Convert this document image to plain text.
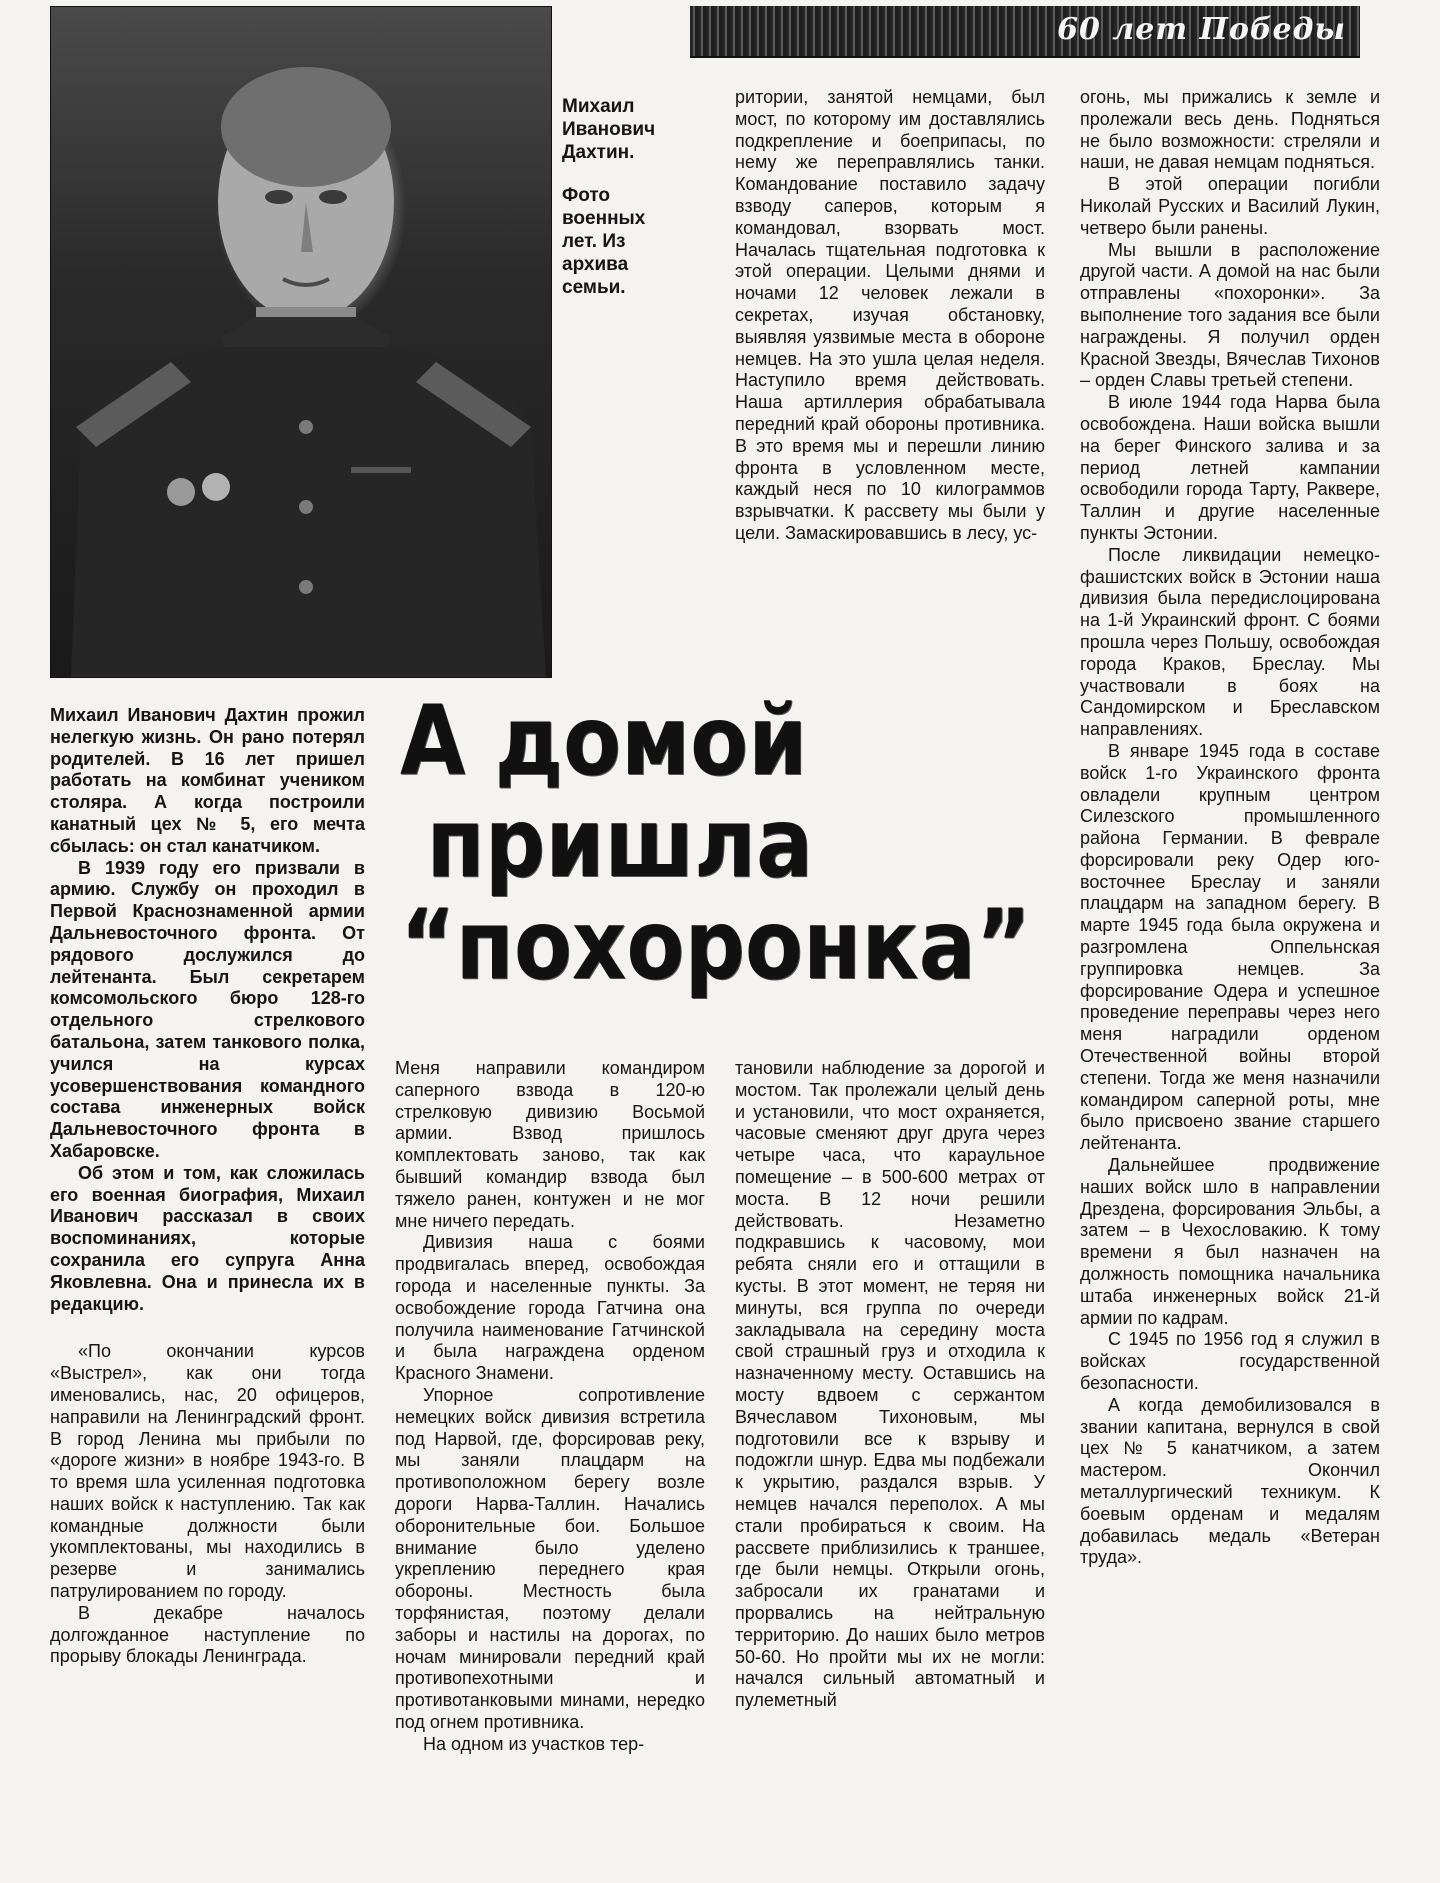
60 лет Победы

Михаил Иванович Дахтин.

Фото военных лет. Из архива семьи.

ритории, занятой немцами, был мост, по которому им доставлялись подкрепление и боеприпасы, по нему же переправлялись танки. Командование поставило задачу взводу саперов, которым я командовал, взорвать мост. Началась тщательная подготовка к этой операции. Целыми днями и ночами 12 человек лежали в секретах, изучая обстановку, выявляя уязвимые места в обороне немцев. На это ушла целая неделя. Наступило время действовать. Наша артиллерия обрабатывала передний край обороны противника. В это время мы и перешли линию фронта в условленном месте, каждый неся по 10 килограммов взрывчатки. К рассвету мы были у цели. Замаскировавшись в лесу, ус-

огонь, мы прижались к земле и пролежали весь день. Подняться не было возможности: стреляли и наши, не давая немцам подняться.

В этой операции погибли Николай Русских и Василий Лукин, четверо были ранены.

Мы вышли в расположение другой части. А домой на нас были отправлены «похоронки». За выполнение того задания все были награждены. Я получил орден Красной Звезды, Вячеслав Тихонов – орден Славы третьей степени.

В июле 1944 года Нарва была освобождена. Наши войска вышли на берег Финского залива и за период летней кампании освободили города Тарту, Раквере, Таллин и другие населенные пункты Эстонии.

После ликвидации немецко-фашистских войск в Эстонии наша дивизия была передислоцирована на 1-й Украинский фронт. С боями прошла через Польшу, освобождая города Краков, Бреслау. Мы участвовали в боях на Сандомирском и Бреславском направлениях.

В январе 1945 года в составе войск 1-го Украинского фронта овладели крупным центром Силезского промышленного района Германии. В феврале форсировали реку Одер юго-восточнее Бреслау и заняли плацдарм на западном берегу. В марте 1945 года была окружена и разгромлена Оппельнская группировка немцев. За форсирование Одера и успешное проведение переправы через него меня наградили орденом Отечественной войны второй степени. Тогда же меня назначили командиром саперной роты, мне было присвоено звание старшего лейтенанта.

Дальнейшее продвижение наших войск шло в направлении Дрездена, форсирования Эльбы, а затем – в Чехословакию. К тому времени я был назначен на должность помощника начальника штаба инженерных войск 21-й армии по кадрам.

С 1945 по 1956 год я служил в войсках государственной безопасности.

А когда демобилизовался в звании капитана, вернулся в свой цех № 5 канатчиком, а затем мастером. Окончил металлургический техникум. К боевым орденам и медалям добавилась медаль «Ветеран труда».

А домой
пришла
“похоронка”

Михаил Иванович Дахтин прожил нелегкую жизнь. Он рано потерял родителей. В 16 лет пришел работать на комбинат учеником столяра. А когда построили канатный цех № 5, его мечта сбылась: он стал канатчиком.

В 1939 году его призвали в армию. Службу он проходил в Первой Краснознаменной армии Дальневосточного фронта. От рядового дослужился до лейтенанта. Был секретарем комсомольского бюро 128-го отдельного стрелкового батальона, затем танкового полка, учился на курсах усовершенствования командного состава инженерных войск Дальневосточного фронта в Хабаровске.

Об этом и том, как сложилась его военная биография, Михаил Иванович рассказал в своих воспоминаниях, которые сохранила его супруга Анна Яковлевна. Она и принесла их в редакцию.

«По окончании курсов «Выстрел», как они тогда именовались, нас, 20 офицеров, направили на Ленинградский фронт. В город Ленина мы прибыли по «дороге жизни» в ноябре 1943-го. В то время шла усиленная подготовка наших войск к наступлению. Так как командные должности были укомплектованы, мы находились в резерве и занимались патрулированием по городу.

В декабре началось долгожданное наступление по прорыву блокады Ленинграда.

Меня направили командиром саперного взвода в 120-ю стрелковую дивизию Восьмой армии. Взвод пришлось комплектовать заново, так как бывший командир взвода был тяжело ранен, контужен и не мог мне ничего передать.

Дивизия наша с боями продвигалась вперед, освобождая города и населенные пункты. За освобождение города Гатчина она получила наименование Гатчинской и была награждена орденом Красного Знамени.

Упорное сопротивление немецких войск дивизия встретила под Нарвой, где, форсировав реку, мы заняли плацдарм на противоположном берегу возле дороги Нарва-Таллин. Начались оборонительные бои. Большое внимание было уделено укреплению переднего края обороны. Местность была торфянистая, поэтому делали заборы и настилы на дорогах, по ночам минировали передний край противопехотными и противотанковыми минами, нередко под огнем противника.

На одном из участков тер-

тановили наблюдение за дорогой и мостом. Так пролежали целый день и установили, что мост охраняется, часовые сменяют друг друга через четыре часа, что караульное помещение – в 500-600 метрах от моста. В 12 ночи решили действовать. Незаметно подкравшись к часовому, мои ребята сняли его и оттащили в кусты. В этот момент, не теряя ни минуты, вся группа по очереди закладывала на середину моста свой страшный груз и отходила к назначенному месту. Оставшись на мосту вдвоем с сержантом Вячеславом Тихоновым, мы подготовили все к взрыву и подожгли шнур. Едва мы подбежали к укрытию, раздался взрыв. У немцев начался переполох. А мы стали пробираться к своим. На рассвете приблизились к траншее, где были немцы. Открыли огонь, забросали их гранатами и прорвались на нейтральную территорию. До наших было метров 50-60. Но пройти мы их не могли: начался сильный автоматный и пулеметный
